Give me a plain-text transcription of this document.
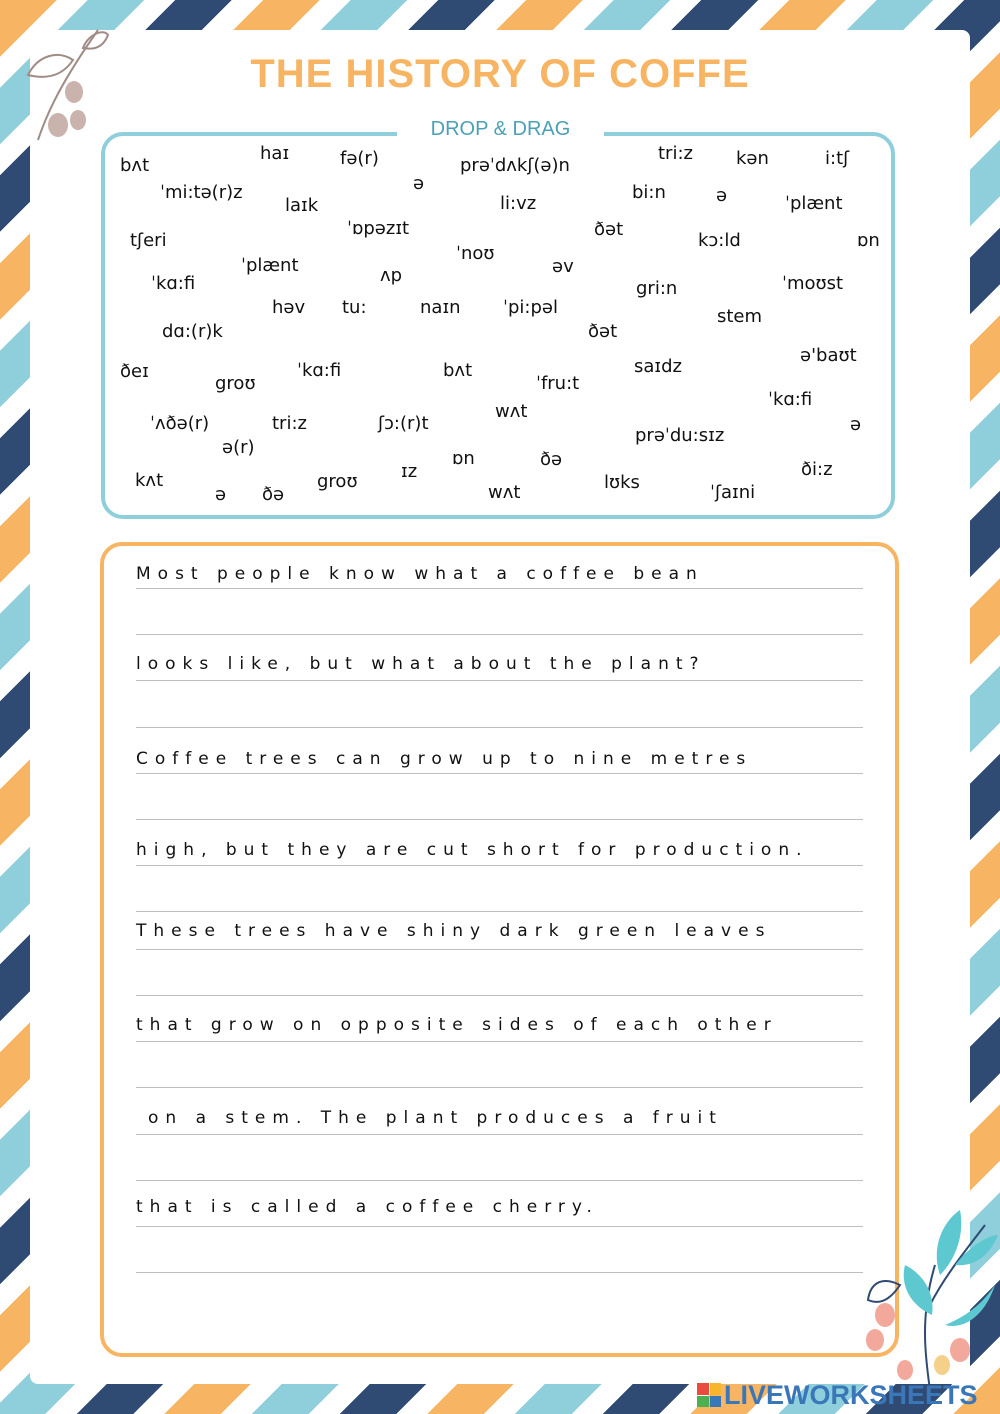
THE HISTORY OF COFFE
DROP & DRAG
bʌt
haɪ	fə(r)	prəˈdʌkʃ(ə)n
tri:z kən	i:tʃ
ˈmi:tə(r)z	ə
laɪk	li:vz
bi:n	ə	ˈplænt
tʃeri
ˈɒpəzɪt	ðət
ˈnoʊ
kɔ:ld	ɒn
ˈplænt	əv
ˈkɑ:fi	ʌp
gri:n	ˈmoʊst
həv tu:	naɪn ˈpi:pəl	stem
dɑ:(r)k	ðət
ə'baʊt
ðeɪ
groʊ
ˈkɑ:fi	bʌt	saɪdz
ˈfru:t
ˈkɑ:fi
ə
ˈʌðə(r)	tri:z	ʃɔ:(r)t
wʌt
prəˈdu:sɪz
ə(r)
ɒn	ðə	ði:z
kʌt	ɪz
groʊ	lʊks
ə ðə	wʌt	ˈʃaɪni
Most people know what a coffee bean
looks like, but what about the plant?
Coffee trees can grow up to nine metres
high, but they are cut short for production.
These trees have shiny dark green leaves
that grow on opposite sides of each other
on a stem. The plant produces a fruit
that is called a coffee cherry.
LIVEWORKSHEETS
